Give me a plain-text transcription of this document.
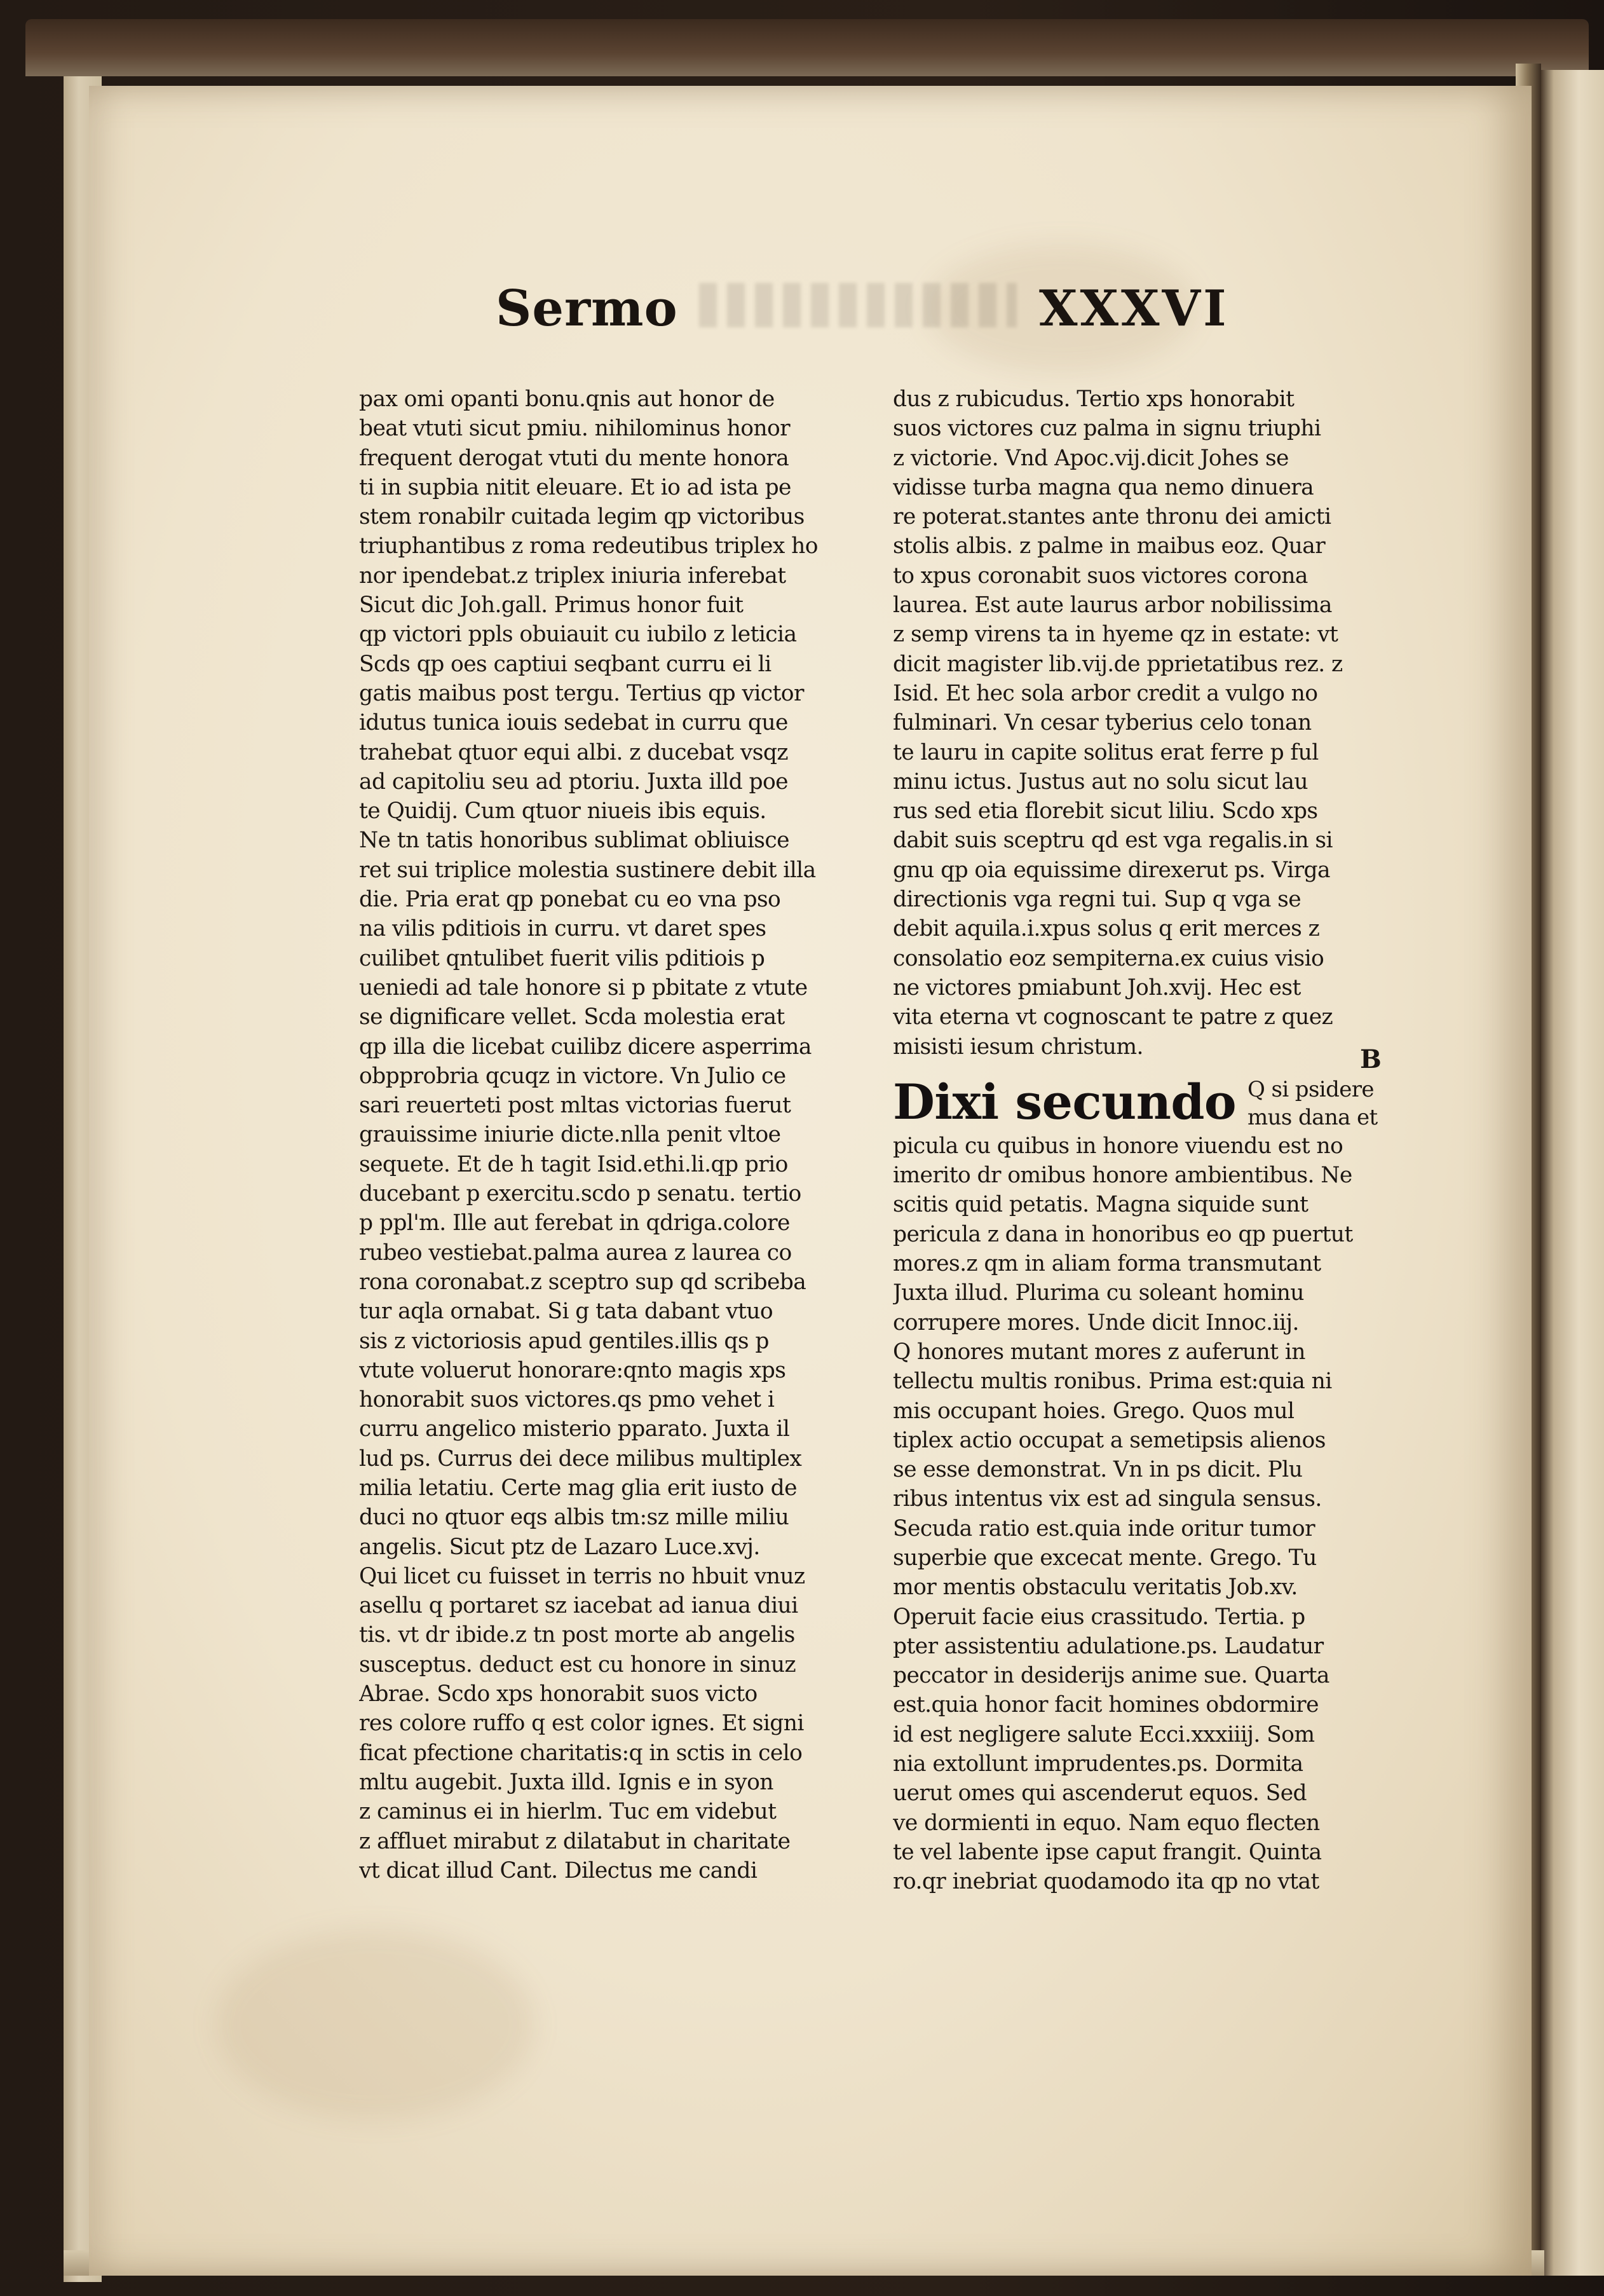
Sermo	XXXVI
pax omi opanti bonu.qnis aut honor de
beat vtuti sicut pmiu. nihilominus honor
frequent derogat vtuti du mente honora
ti in supbia nitit eleuare. Et io ad ista pe
stem ronabilr cuitada legim qp victoribus
triuphantibus z roma redeutibus triplex ho
nor ipendebat.z triplex iniuria inferebat
Sicut dic Joh.gall. Primus honor fuit
qp victori ppls obuiauit cu iubilo z leticia
Scds qp oes captiui seqbant curru ei li
gatis maibus post tergu. Tertius qp victor
idutus tunica iouis sedebat in curru que
trahebat qtuor equi albi. z ducebat vsqz
ad capitoliu seu ad ptoriu. Juxta illd poe
te Quidij. Cum qtuor niueis ibis equis.
Ne tn tatis honoribus sublimat obliuisce
ret sui triplice molestia sustinere debit illa
die. Pria erat qp ponebat cu eo vna pso
na vilis pditiois in curru. vt daret spes
cuilibet qntulibet fuerit vilis pditiois p
ueniedi ad tale honore si p pbitate z vtute
se dignificare vellet. Scda molestia erat
qp illa die licebat cuilibz dicere asperrima
obpprobria qcuqz in victore. Vn Julio ce
sari reuerteti post mltas victorias fuerut
grauissime iniurie dicte.nlla penit vltoe
sequete. Et de h tagit Isid.ethi.li.qp prio
ducebant p exercitu.scdo p senatu. tertio
p ppl'm. Ille aut ferebat in qdriga.colore
rubeo vestiebat.palma aurea z laurea co
rona coronabat.z sceptro sup qd scribeba
tur aqla ornabat. Si g tata dabant vtuo
sis z victoriosis apud gentiles.illis qs p
vtute voluerut honorare:qnto magis xps
honorabit suos victores.qs pmo vehet i
curru angelico misterio pparato. Juxta il
lud ps. Currus dei dece milibus multiplex
milia letatiu. Certe mag glia erit iusto de
duci no qtuor eqs albis tm:sz mille miliu
angelis. Sicut ptz de Lazaro Luce.xvj.
Qui licet cu fuisset in terris no hbuit vnuz
asellu q portaret sz iacebat ad ianua diui
tis. vt dr ibide.z tn post morte ab angelis
susceptus. deduct est cu honore in sinuz
Abrae. Scdo xps honorabit suos victo
res colore ruffo q est color ignes. Et signi
ficat pfectione charitatis:q in sctis in celo
mltu augebit. Juxta illd. Ignis e in syon
z caminus ei in hierlm. Tuc em videbut
z affluet mirabut z dilatabut in charitate
vt dicat illud Cant. Dilectus me candi
dus z rubicudus. Tertio xps honorabit
suos victores cuz palma in signu triuphi
z victorie. Vnd Apoc.vij.dicit Johes se
vidisse turba magna qua nemo dinuera
re poterat.stantes ante thronu dei amicti
stolis albis. z palme in maibus eoz. Quar
to xpus coronabit suos victores corona
laurea. Est aute laurus arbor nobilissima
z semp virens ta in hyeme qz in estate: vt
dicit magister lib.vij.de pprietatibus rez. z
Isid. Et hec sola arbor credit a vulgo no
fulminari. Vn cesar tyberius celo tonan
te lauru in capite solitus erat ferre p ful
minu ictus. Justus aut no solu sicut lau
rus sed etia florebit sicut liliu. Scdo xps
dabit suis sceptru qd est vga regalis.in si
gnu qp oia equissime direxerut ps. Virga
directionis vga regni tui. Sup q vga se
debit aquila.i.xpus solus q erit merces z
consolatio eoz sempiterna.ex cuius visio
ne victores pmiabunt Joh.xvij. Hec est
vita eterna vt cognoscant te patre z quez
misisti iesum christum.
Dixi secundo Q si psidere
mus dana et
picula cu quibus in honore viuendu est no
imerito dr omibus honore ambientibus. Ne
scitis quid petatis. Magna siquide sunt
pericula z dana in honoribus eo qp puertut
mores.z qm in aliam forma transmutant
Juxta illud. Plurima cu soleant hominu
corrupere mores. Unde dicit Innoc.iij.
Q honores mutant mores z auferunt in
tellectu multis ronibus. Prima est:quia ni
mis occupant hoies. Grego. Quos mul
tiplex actio occupat a semetipsis alienos
se esse demonstrat. Vn in ps dicit. Plu
ribus intentus vix est ad singula sensus.
Secuda ratio est.quia inde oritur tumor
superbie que excecat mente. Grego. Tu
mor mentis obstaculu veritatis Job.xv.
Operuit facie eius crassitudo. Tertia. p
pter assistentiu adulatione.ps. Laudatur
peccator in desiderijs anime sue. Quarta
est.quia honor facit homines obdormire
id est negligere salute Ecci.xxxiiij. Som
nia extollunt imprudentes.ps. Dormita
uerut omes qui ascenderut equos. Sed
ve dormienti in equo. Nam equo flecten
te vel labente ipse caput frangit. Quinta
ro.qr inebriat quodamodo ita qp no vtat
B
